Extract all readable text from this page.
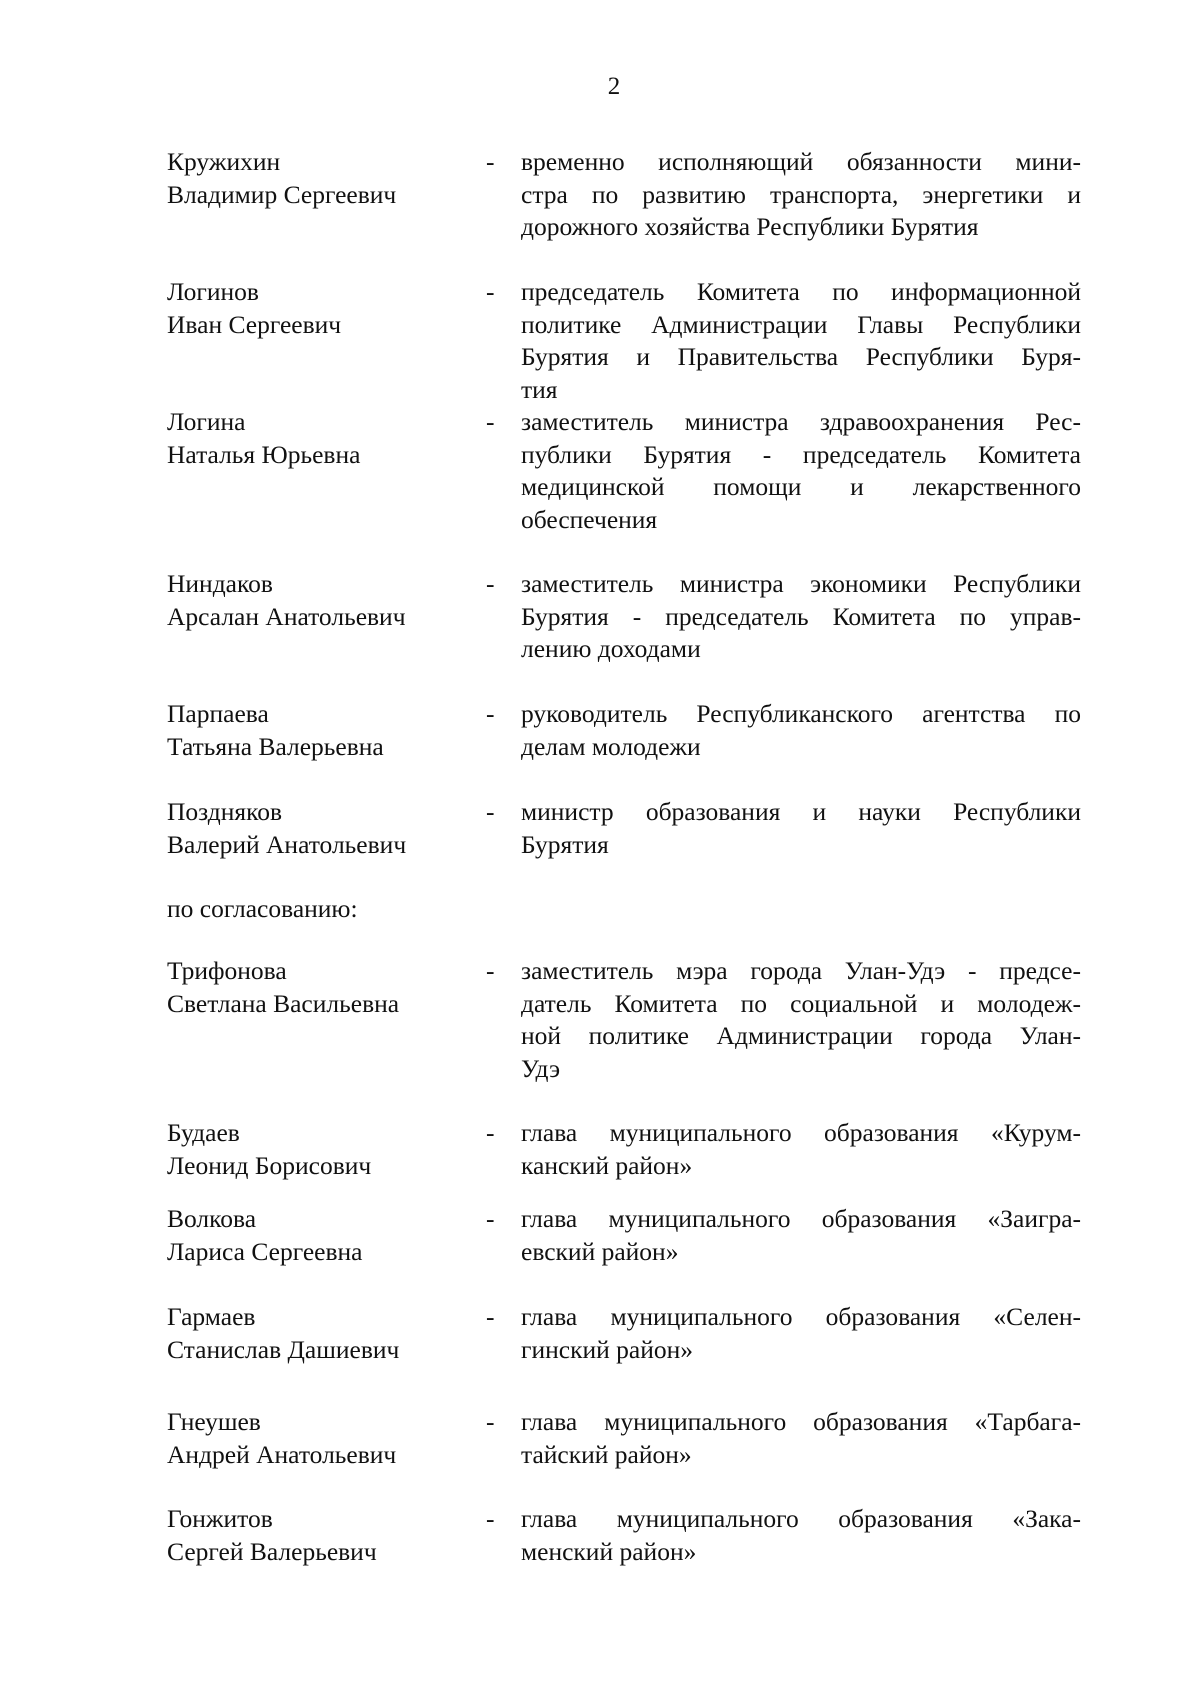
2
Кружихин
Владимир Сергеевич
- временно исполняющий обязанности мини-
стра по развитию транспорта, энергетики и
дорожного хозяйства Республики Бурятия
Логинов
Иван Сергеевич
- председатель Комитета по информационной
политике Администрации Главы Республики
Бурятия и Правительства Республики Буря-
тия
Логина
Наталья Юрьевна
- заместитель министра здравоохранения Рес-
публики Бурятия - председатель Комитета
медицинской помощи и лекарственного
обеспечения
Ниндаков
Арсалан Анатольевич
- заместитель министра экономики Республики
Бурятия - председатель Комитета по управ-
лению доходами
Парпаева
Татьяна Валерьевна
- руководитель Республиканского агентства по
делам молодежи
Поздняков
Валерий Анатольевич
- министр образования и науки Республики
Бурятия
по согласованию:
Трифонова
Светлана Васильевна
- заместитель мэра города Улан-Удэ - предсе-
датель Комитета по социальной и молодеж-
ной политике Администрации города Улан-
Удэ
Будаев
Леонид Борисович
- глава муниципального образования «Курум-
канский район»
Волкова
Лариса Сергеевна
- глава муниципального образования «Заигра-
евский район»
Гармаев
Станислав Дашиевич
- глава муниципального образования «Селен-
гинский район»
Гнеушев
Андрей Анатольевич
- глава муниципального образования «Тарбага-
тайский район»
Гонжитов
Сергей Валерьевич
- глава муниципального образования «Зака-
менский район»
